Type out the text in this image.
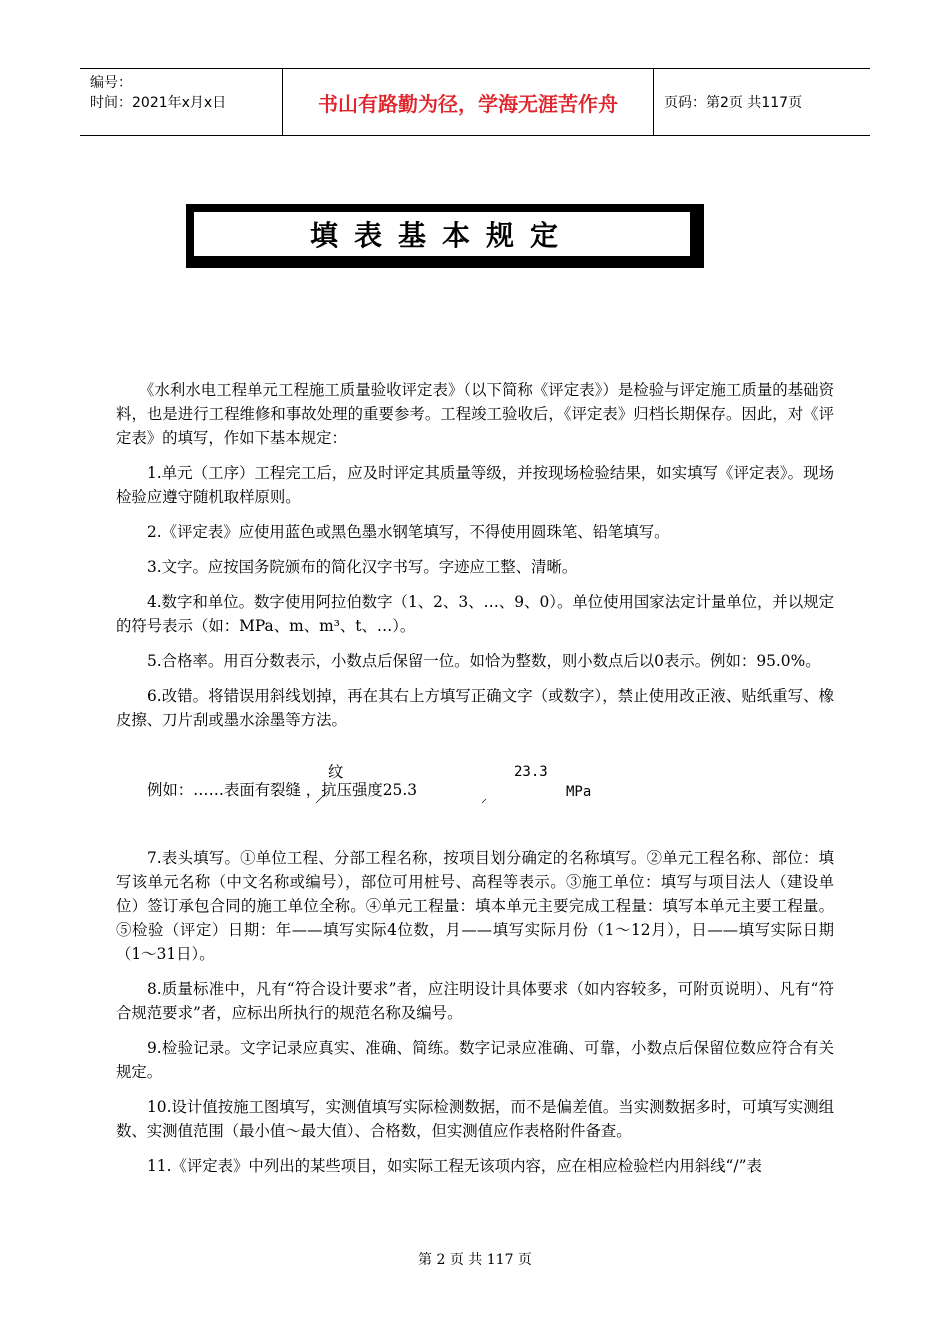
编号：
时间：2021年x月x日	书山有路勤为径，学海无涯苦作舟	页码：第2页 共117页
填表基本规定

《水利水电工程单元工程施工质量验收评定表》（以下简称《评定表》）是检验与评定施工质量的基础资料，也是进行工程维修和事故处理的重要参考。工程竣工验收后，《评定表》归档长期保存。因此，对《评定表》的填写，作如下基本规定：

1.单元（工序）工程完工后，应及时评定其质量等级，并按现场检验结果，如实填写《评定表》。现场检验应遵守随机取样原则。

2.《评定表》应使用蓝色或黑色墨水钢笔填写，不得使用圆珠笔、铅笔填写。

3.文字。应按国务院颁布的简化汉字书写。字迹应工整、清晰。

4.数字和单位。数字使用阿拉伯数字（1、2、3、…、9、0）。单位使用国家法定计量单位，并以规定的符号表示（如：MPa、m、m³、t、…）。

5.合格率。用百分数表示，小数点后保留一位。如恰为整数，则小数点后以0表示。例如：95.0%。

6.改错。将错误用斜线划掉，再在其右上方填写正确文字（或数字），禁止使用改正液、贴纸重写、橡皮擦、刀片刮或墨水涂墨等方法。

例如：……表面有裂缝 ，抗压强度25.3
纹	23.3
MPa

7.表头填写。①单位工程、分部工程名称，按项目划分确定的名称填写。②单元工程名称、部位：填写该单元名称（中文名称或编号），部位可用桩号、高程等表示。③施工单位：填写与项目法人（建设单位）签订承包合同的施工单位全称。④单元工程量：填本单元主要完成工程量：填写本单元主要工程量。⑤检验（评定）日期：年——填写实际4位数，月——填写实际月份（1～12月），日——填写实际日期（1～31日）。

8.质量标准中，凡有“符合设计要求”者，应注明设计具体要求（如内容较多，可附页说明）、凡有“符合规范要求”者，应标出所执行的规范名称及编号。

9.检验记录。文字记录应真实、准确、简练。数字记录应准确、可靠，小数点后保留位数应符合有关规定。

10.设计值按施工图填写，实测值填写实际检测数据，而不是偏差值。当实测数据多时，可填写实测组数、实测值范围（最小值～最大值）、合格数，但实测值应作表格附件备查。

11.《评定表》中列出的某些项目，如实际工程无该项内容，应在相应检验栏内用斜线“/”表

第 2 页 共 117 页
